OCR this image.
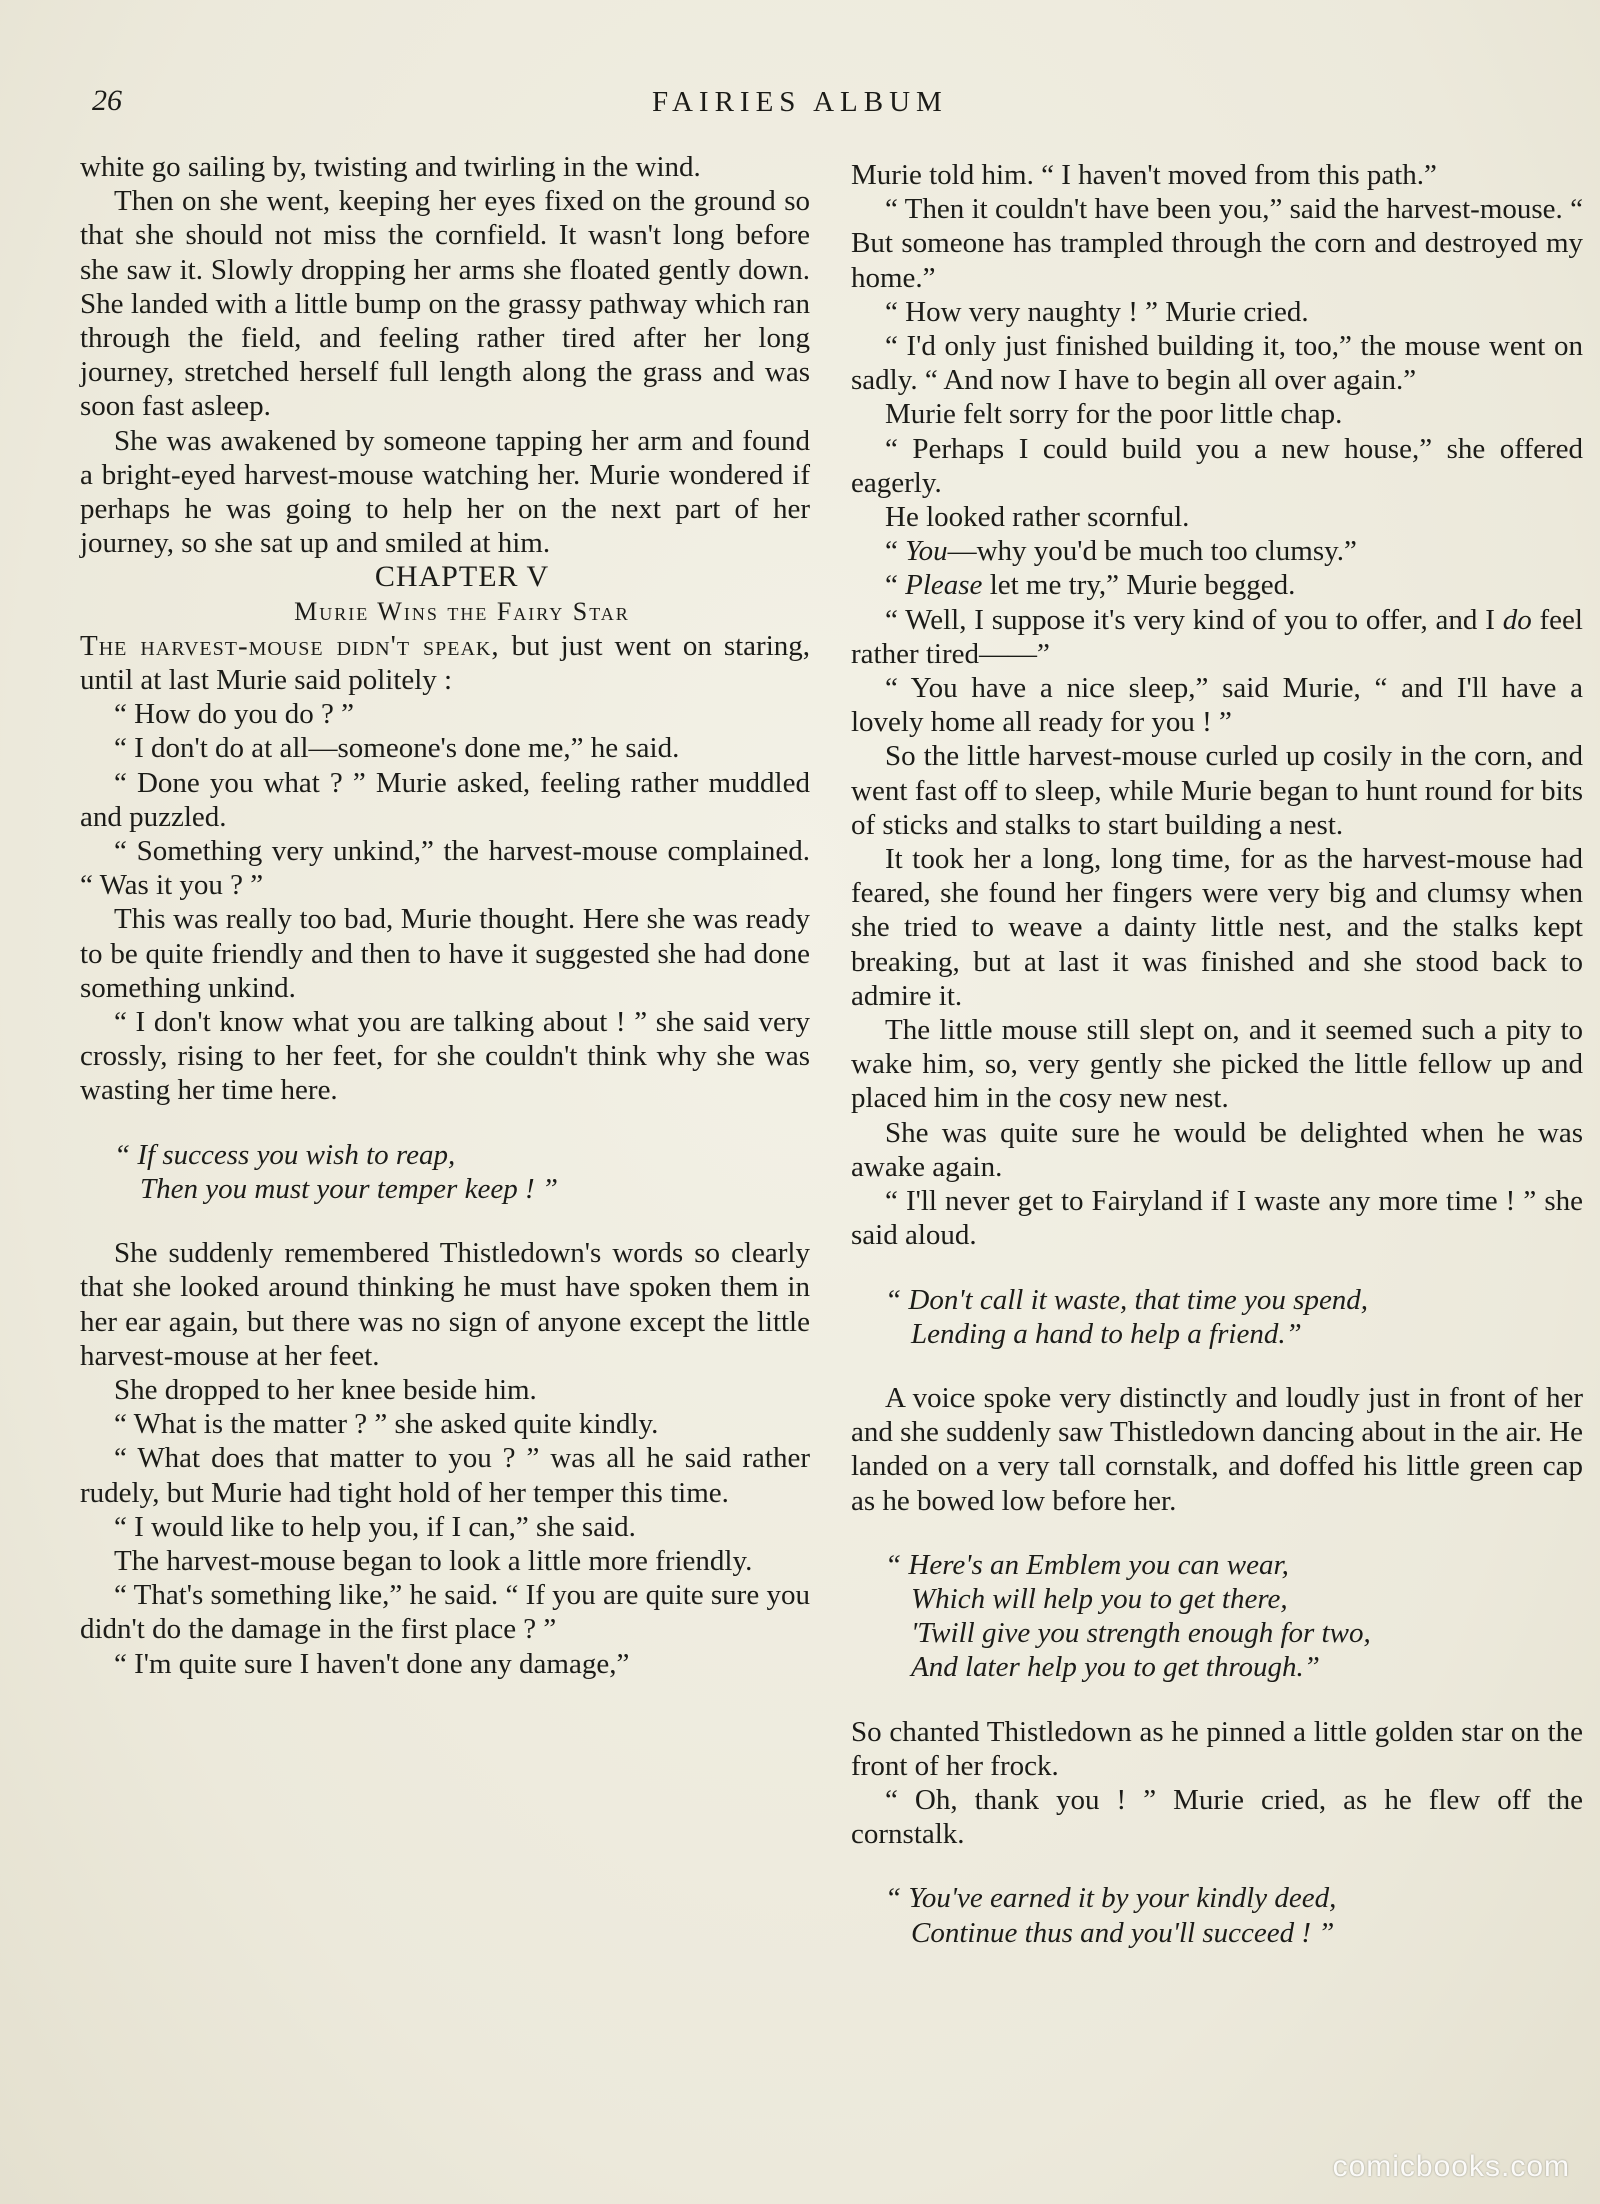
26	FAIRIES ALBUM

white go sailing by, twisting and twirling in the wind.

Then on she went, keeping her eyes fixed on the ground so that she should not miss the cornfield. It wasn't long before she saw it. Slowly dropping her arms she floated gently down. She landed with a little bump on the grassy pathway which ran through the field, and feeling rather tired after her long journey, stretched herself full length along the grass and was soon fast asleep.

She was awakened by someone tapping her arm and found a bright-eyed harvest-mouse watching her. Murie wondered if perhaps he was going to help her on the next part of her journey, so she sat up and smiled at him.

CHAPTER V

Murie Wins the Fairy Star

The harvest-mouse didn't speak, but just went on staring, until at last Murie said politely :

“ How do you do ? ”

“ I don't do at all—someone's done me,” he said.

“ Done you what ? ” Murie asked, feeling rather muddled and puzzled.

“ Something very unkind,” the harvest-mouse complained. “ Was it you ? ”

This was really too bad, Murie thought. Here she was ready to be quite friendly and then to have it suggested she had done something unkind.

“ I don't know what you are talking about ! ” she said very crossly, rising to her feet, for she couldn't think why she was wasting her time here.

“ If success you wish to reap,
Then you must your temper keep ! ”

She suddenly remembered Thistledown's words so clearly that she looked around thinking he must have spoken them in her ear again, but there was no sign of anyone except the little harvest-mouse at her feet.

She dropped to her knee beside him.

“ What is the matter ? ” she asked quite kindly.

“ What does that matter to you ? ” was all he said rather rudely, but Murie had tight hold of her temper this time.

“ I would like to help you, if I can,” she said.

The harvest-mouse began to look a little more friendly.

“ That's something like,” he said. “ If you are quite sure you didn't do the damage in the first place ? ”

“ I'm quite sure I haven't done any damage,”

Murie told him. “ I haven't moved from this path.”

“ Then it couldn't have been you,” said the harvest-mouse. “ But someone has trampled through the corn and destroyed my home.”

“ How very naughty ! ” Murie cried.

“ I'd only just finished building it, too,” the mouse went on sadly. “ And now I have to begin all over again.”

Murie felt sorry for the poor little chap.

“ Perhaps I could build you a new house,” she offered eagerly.

He looked rather scornful.

“ You—why you'd be much too clumsy.”

“ Please let me try,” Murie begged.

“ Well, I suppose it's very kind of you to offer, and I do feel rather tired——”

“ You have a nice sleep,” said Murie, “ and I'll have a lovely home all ready for you ! ”

So the little harvest-mouse curled up cosily in the corn, and went fast off to sleep, while Murie began to hunt round for bits of sticks and stalks to start building a nest.

It took her a long, long time, for as the harvest-mouse had feared, she found her fingers were very big and clumsy when she tried to weave a dainty little nest, and the stalks kept breaking, but at last it was finished and she stood back to admire it.

The little mouse still slept on, and it seemed such a pity to wake him, so, very gently she picked the little fellow up and placed him in the cosy new nest.

She was quite sure he would be delighted when he was awake again.

“ I'll never get to Fairyland if I waste any more time ! ” she said aloud.

“ Don't call it waste, that time you spend,
Lending a hand to help a friend.”

A voice spoke very distinctly and loudly just in front of her and she suddenly saw Thistledown dancing about in the air. He landed on a very tall cornstalk, and doffed his little green cap as he bowed low before her.

“ Here's an Emblem you can wear,
Which will help you to get there,
'Twill give you strength enough for two,
And later help you to get through.”

So chanted Thistledown as he pinned a little golden star on the front of her frock.

“ Oh, thank you ! ” Murie cried, as he flew off the cornstalk.

“ You've earned it by your kindly deed,
Continue thus and you'll succeed ! ”
comicbooks.com
